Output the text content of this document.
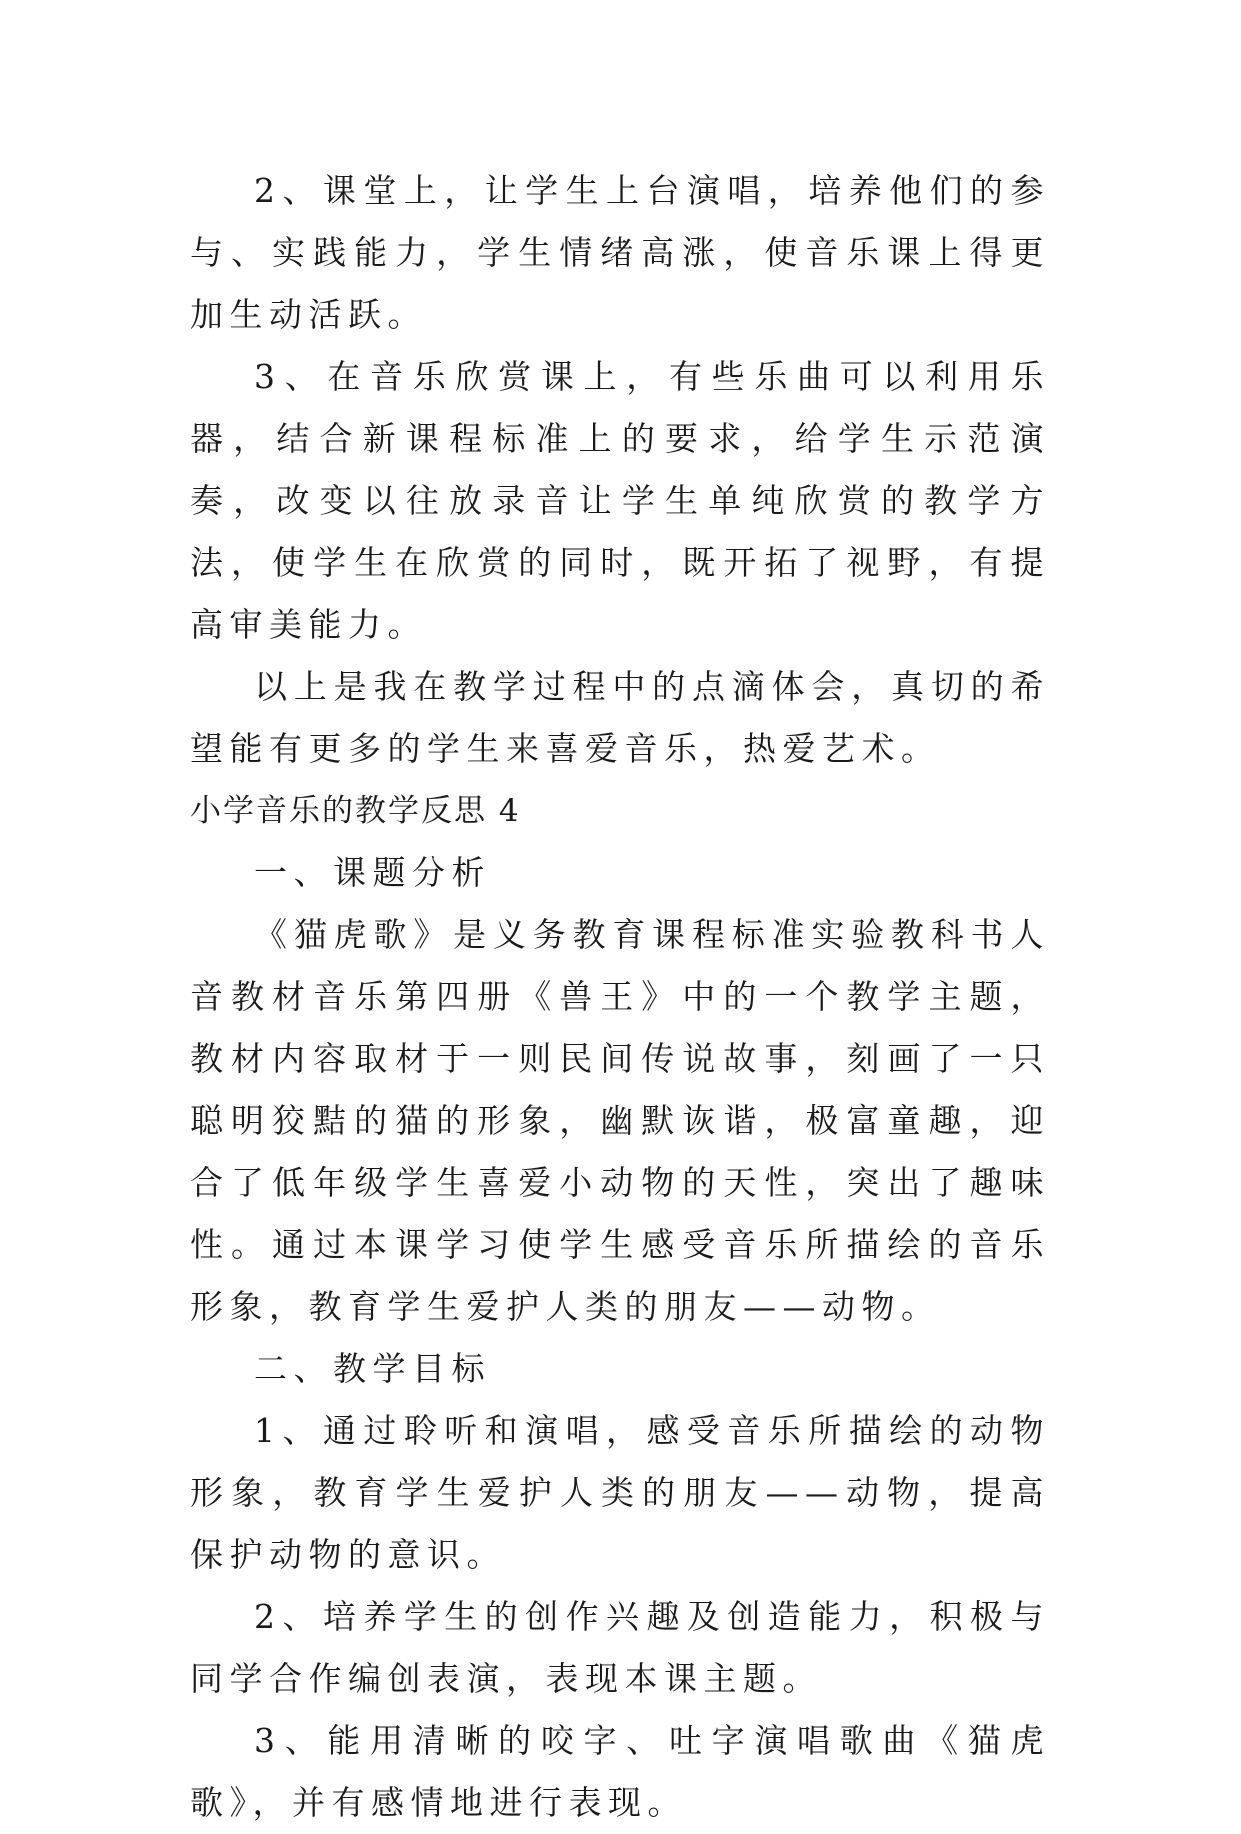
2、课堂上，让学生上台演唱，培养他们的参与、实践能力，学生情绪高涨，使音乐课上得更加生动活跃。

3、在音乐欣赏课上，有些乐曲可以利用乐器，结合新课程标准上的要求，给学生示范演奏，改变以往放录音让学生单纯欣赏的教学方法，使学生在欣赏的同时，既开拓了视野，有提高审美能力。

以上是我在教学过程中的点滴体会，真切的希望能有更多的学生来喜爱音乐，热爱艺术。

小学音乐的教学反思 4

一、课题分析

《猫虎歌》是义务教育课程标准实验教科书人音教材音乐第四册《兽王》中的一个教学主题，教材内容取材于一则民间传说故事，刻画了一只聪明狡黠的猫的形象，幽默诙谐，极富童趣，迎合了低年级学生喜爱小动物的天性，突出了趣味性。通过本课学习使学生感受音乐所描绘的音乐形象，教育学生爱护人类的朋友——动物。

二、教学目标

1、通过聆听和演唱，感受音乐所描绘的动物形象，教育学生爱护人类的朋友——动物，提高保护动物的意识。

2、培养学生的创作兴趣及创造能力，积极与同学合作编创表演，表现本课主题。

3、能用清晰的咬字、吐字演唱歌曲《猫虎歌》，并有感情地进行表现。
